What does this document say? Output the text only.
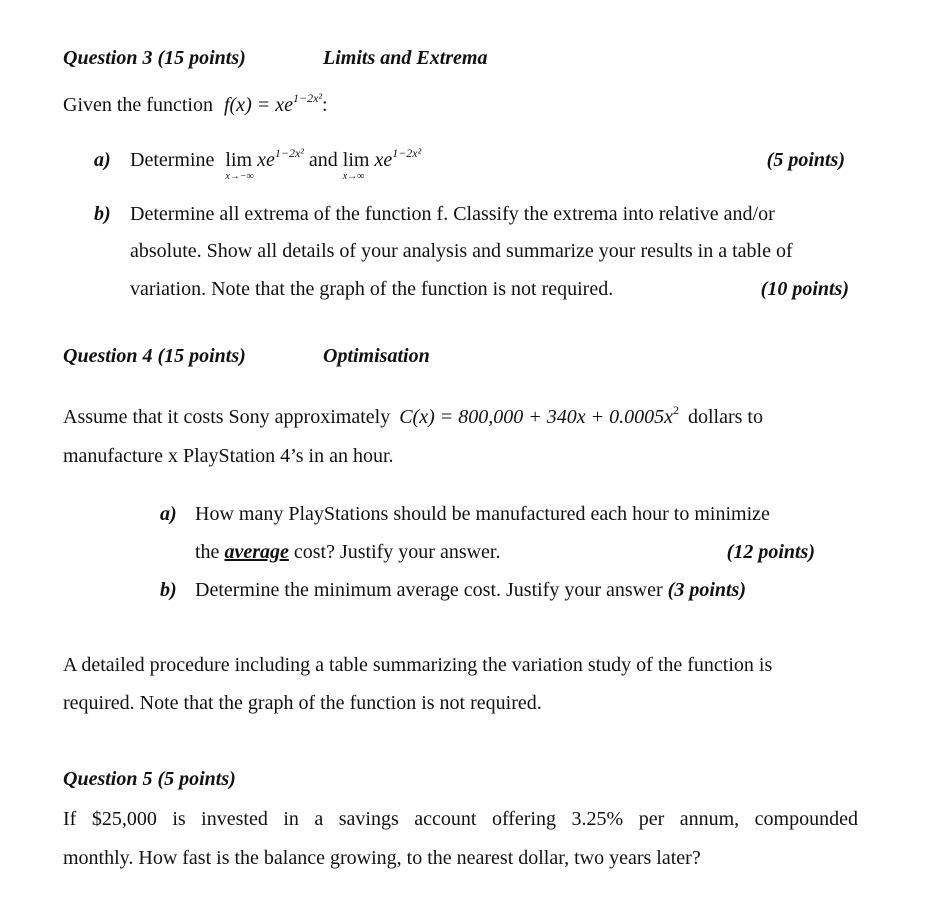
Question 3 (15 points)	Limits and Extrema
Given the function $f(x) = xe^{1-2x^2}$:
a) Determine lim
x→−∞
$xe^{1-2x^2}$ and lim
x→∞
$xe^{1-2x^2}$	(5 points)
b) Determine all extrema of the function f. Classify the extrema into relative and/or
absolute. Show all details of your analysis and summarize your results in a table of
variation. Note that the graph of the function is not required.	(10 points)
Question 4 (15 points)	Optimisation
Assume that it costs Sony approximately $C(x) = 800,000 + 340x + 0.0005x^2$ dollars to
manufacture x PlayStation 4’s in an hour.
a) How many PlayStations should be manufactured each hour to minimize
the average cost? Justify your answer.	(12 points)
b) Determine the minimum average cost. Justify your answer (3 points)
A detailed procedure including a table summarizing the variation study of the function is
required. Note that the graph of the function is not required.
Question 5 (5 points)
If $25,000 is invested in a savings account offering 3.25% per annum, compounded
monthly. How fast is the balance growing, to the nearest dollar, two years later?
